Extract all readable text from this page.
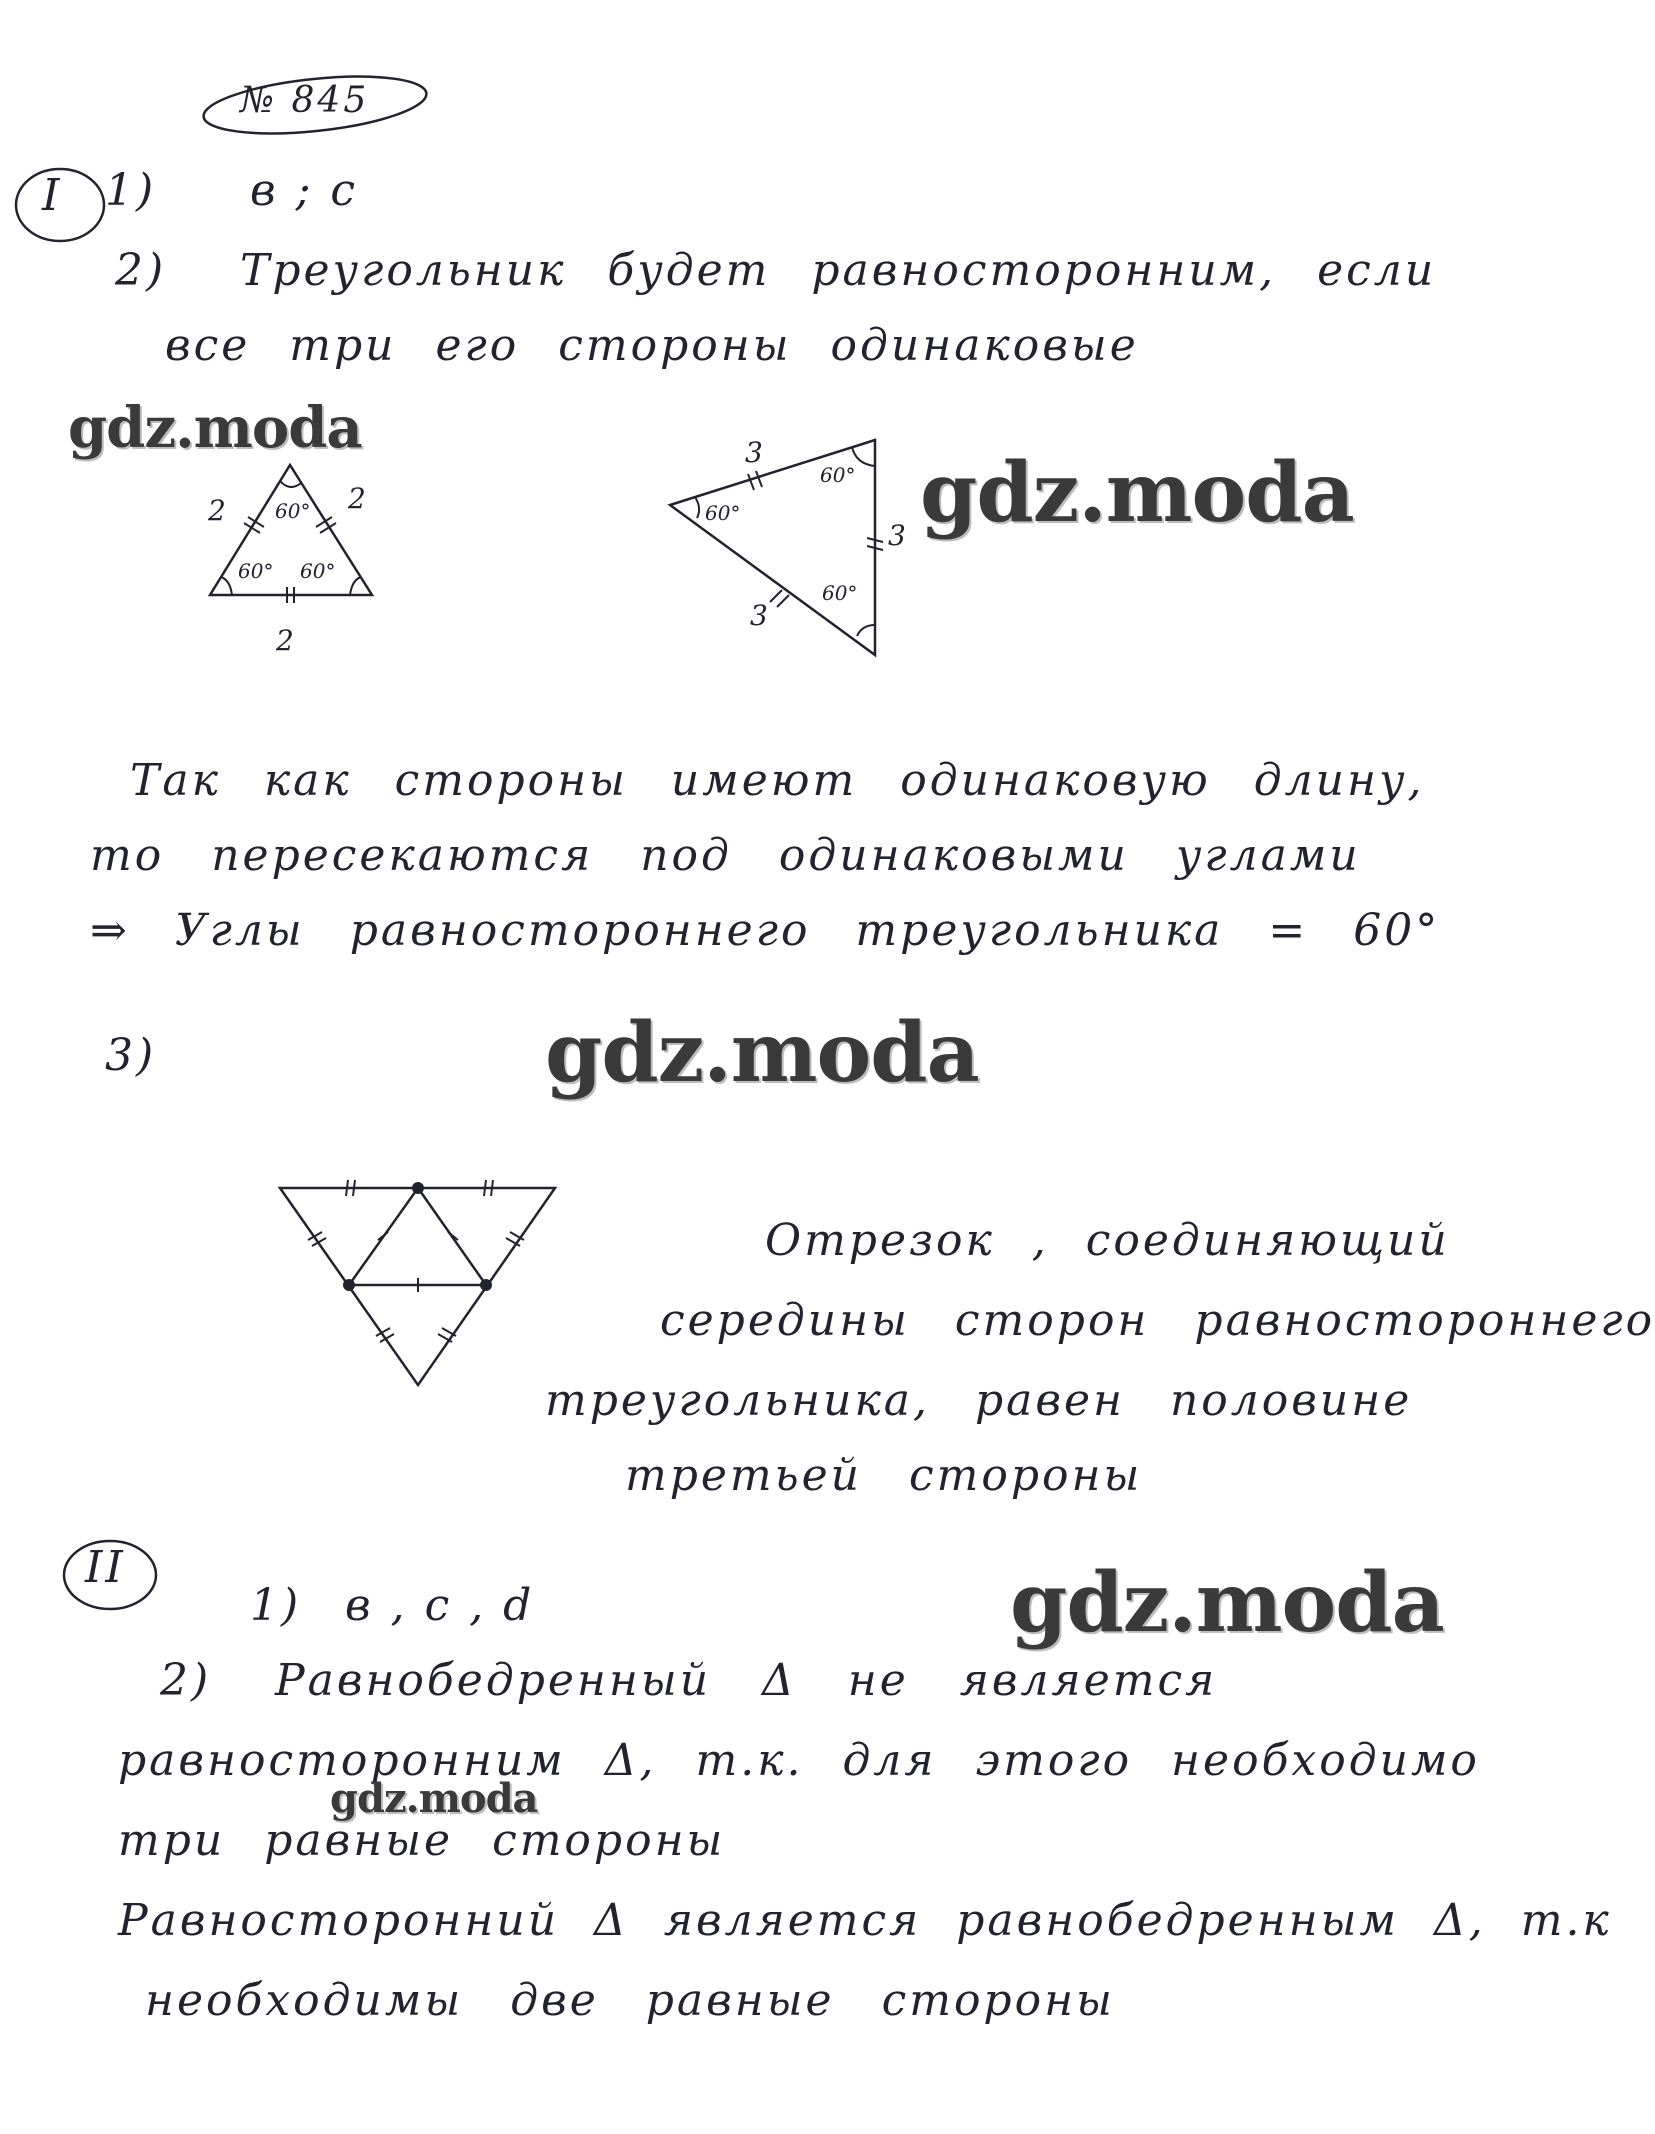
№ 845
I 1) в ; с
2) Треугольник будет равносторонним, если
все три его стороны одинаковые
2	2
2
60°
60° 60°
3
3
3
60°
60°
60°
Так как стороны имеют одинаковую длину,
то пересекаются под одинаковыми углами
⇒ Углы равностороннего треугольника = 60°
3)
Отрезок , соединяющий
середины сторон равностороннего
треугольника, равен половине
третьей стороны
II
1) в , с , d
2) Равнобедренный Δ не является
равносторонним Δ, т.к. для этого необходимо
три равные стороны
Равносторонний Δ является равнобедренным Δ, т.к
необходимы две равные стороны
gdz.moda
gdz.moda
gdz.moda
gdz.moda
gdz.moda
